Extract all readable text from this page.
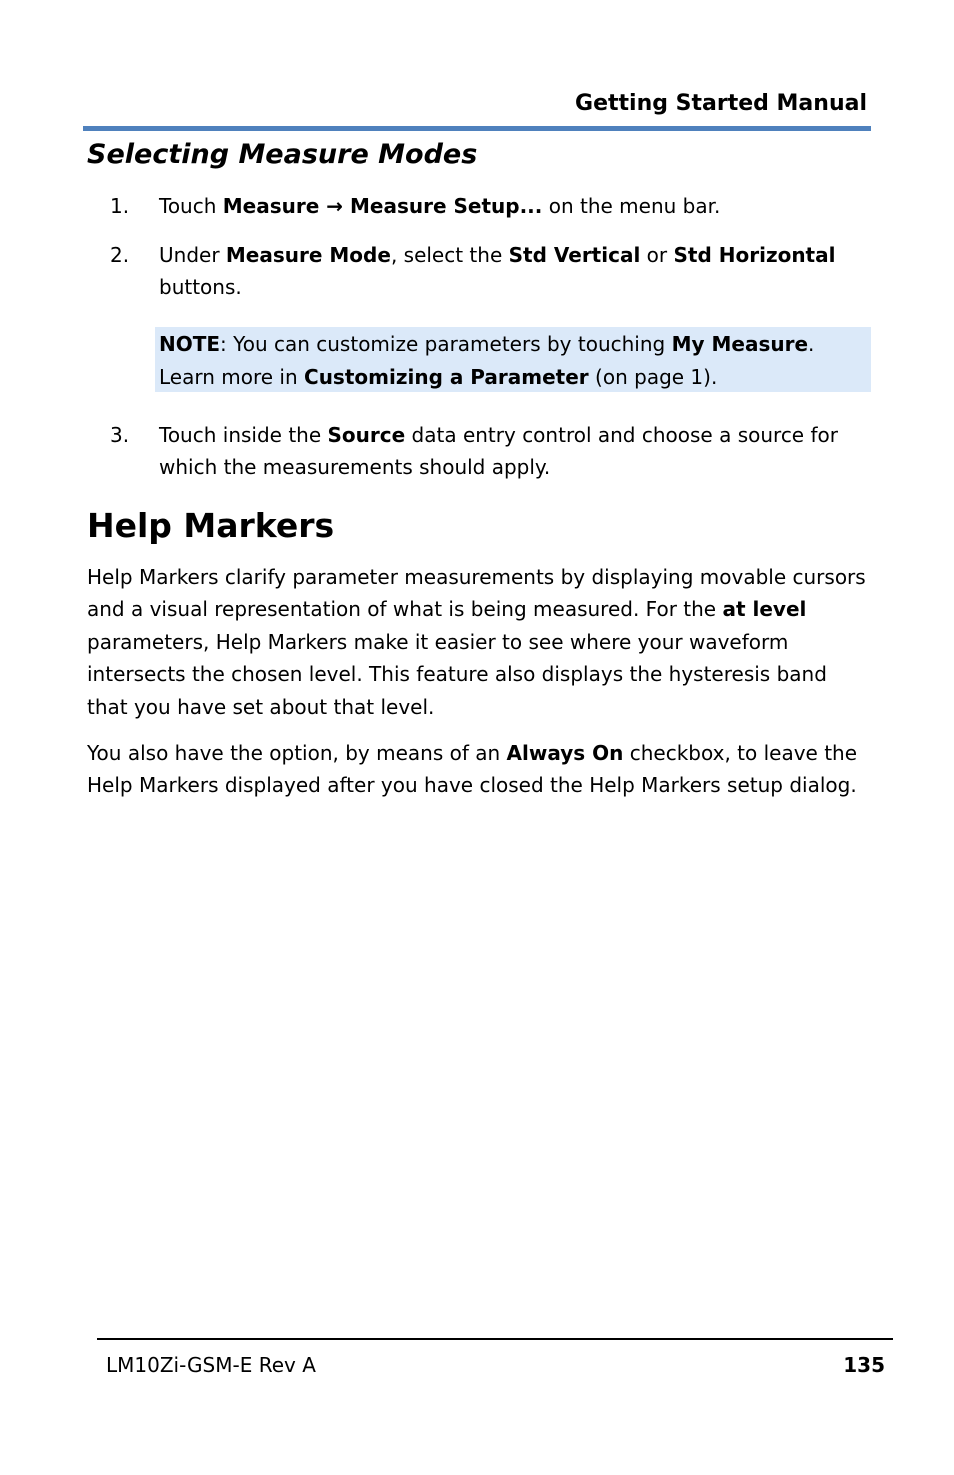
Getting Started Manual
Selecting Measure Modes
1.	Touch Measure → Measure Setup... on the menu bar.
2.	Under Measure Mode, select the Std Vertical or Std Horizontal buttons.
NOTE: You can customize parameters by touching My Measure. Learn more in Customizing a Parameter (on page 1).
3.	Touch inside the Source data entry control and choose a source for which the measurements should apply.
Help Markers

Help Markers clarify parameter measurements by displaying movable cursors and a visual representation of what is being measured. For the at level parameters, Help Markers make it easier to see where your waveform intersects the chosen level. This feature also displays the hysteresis band that you have set about that level.

You also have the option, by means of an Always On checkbox, to leave the Help Markers displayed after you have closed the Help Markers setup dialog.

LM10Zi-GSM-E Rev A	135
